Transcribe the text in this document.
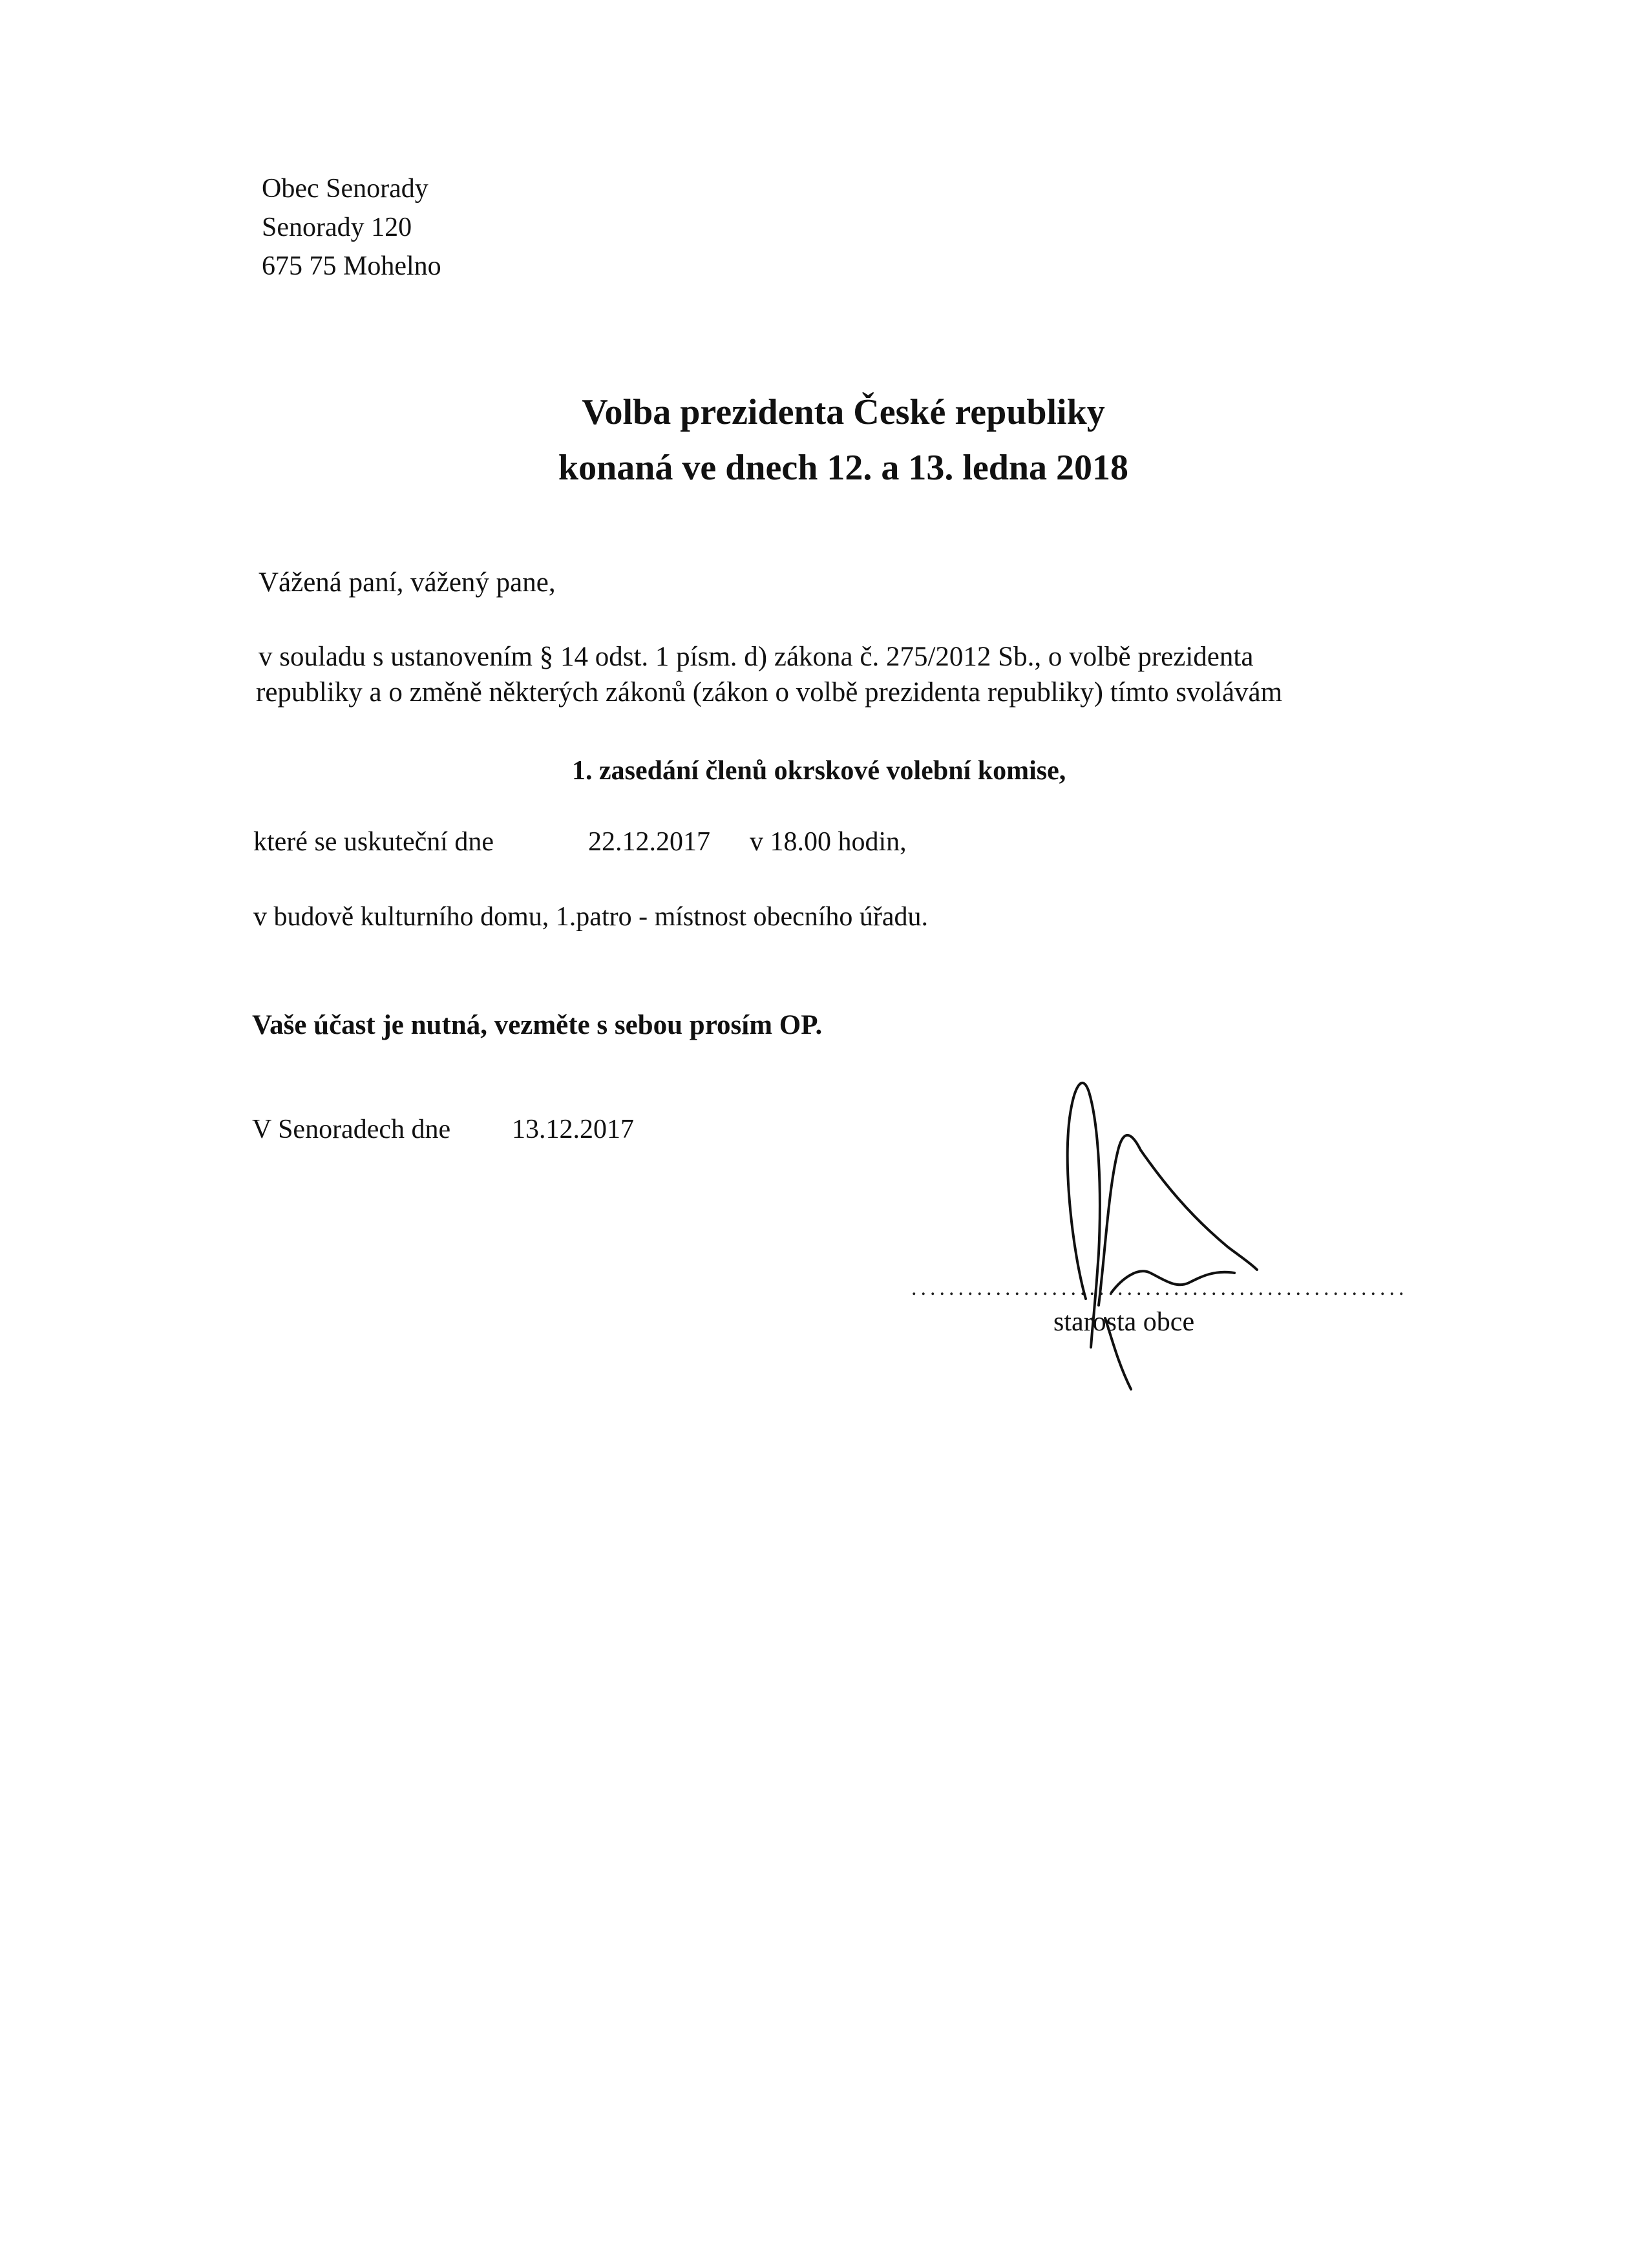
Obec Senorady
Senorady 120
675 75 Mohelno
Volba prezidenta České republiky
konaná ve dnech 12. a 13. ledna 2018
Vážená paní, vážený pane,
v souladu s ustanovením § 14 odst. 1 písm. d) zákona č. 275/2012 Sb., o volbě prezidenta
republiky a o změně některých zákonů (zákon o volbě prezidenta republiky) tímto svolávám
1. zasedání členů okrskové volební komise,
které se uskuteční dne	22.12.2017 v 18.00 hodin,
v budově kulturního domu, 1.patro - místnost obecního úřadu.
Vaše účast je nutná, vezměte s sebou prosím OP.
V Senoradech dne 13.12.2017
.....................................................
starosta obce
